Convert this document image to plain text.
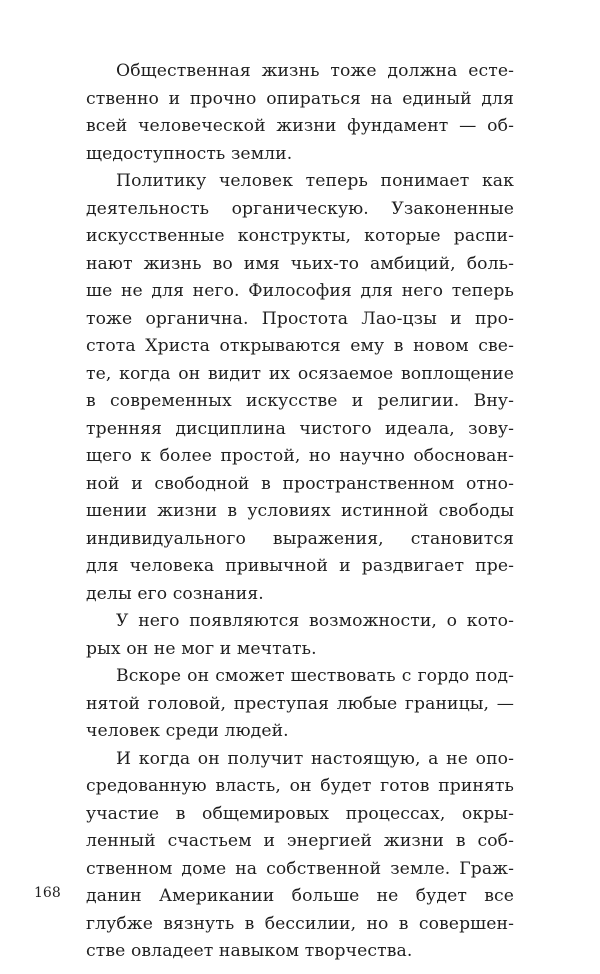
Общественная жизнь тоже должна есте-
ственно и прочно опираться на единый для
всей человеческой жизни фундамент — об-
щедоступность земли.
Политику человек теперь понимает как
деятельность органическую. Узаконенные
искусственные конструкты, которые распи-
нают жизнь во имя чьих-то амбиций, боль-
ше не для него. Философия для него теперь
тоже органична. Простота Лао-цзы и про-
стота Христа открываются ему в новом све-
те, когда он видит их осязаемое воплощение
в современных искусстве и религии. Вну-
тренняя дисциплина чистого идеала, зову-
щего к более простой, но научно обоснован-
ной и свободной в пространственном отно-
шении жизни в условиях истинной свободы
индивидуального выражения, становится
для человека привычной и раздвигает пре-
делы его сознания.
У него появляются возможности, о кото-
рых он не мог и мечтать.
Вскоре он сможет шествовать с гордо под-
нятой головой, преступая любые границы, —
человек среди людей.
И когда он получит настоящую, а не опо-
средованную власть, он будет готов принять
участие в общемировых процессах, окры-
ленный счастьем и энергией жизни в соб-
ственном доме на собственной земле. Граж-
данин Американии больше не будет все
глубже вязнуть в бессилии, но в совершен-
стве овладеет навыком творчества.
168
